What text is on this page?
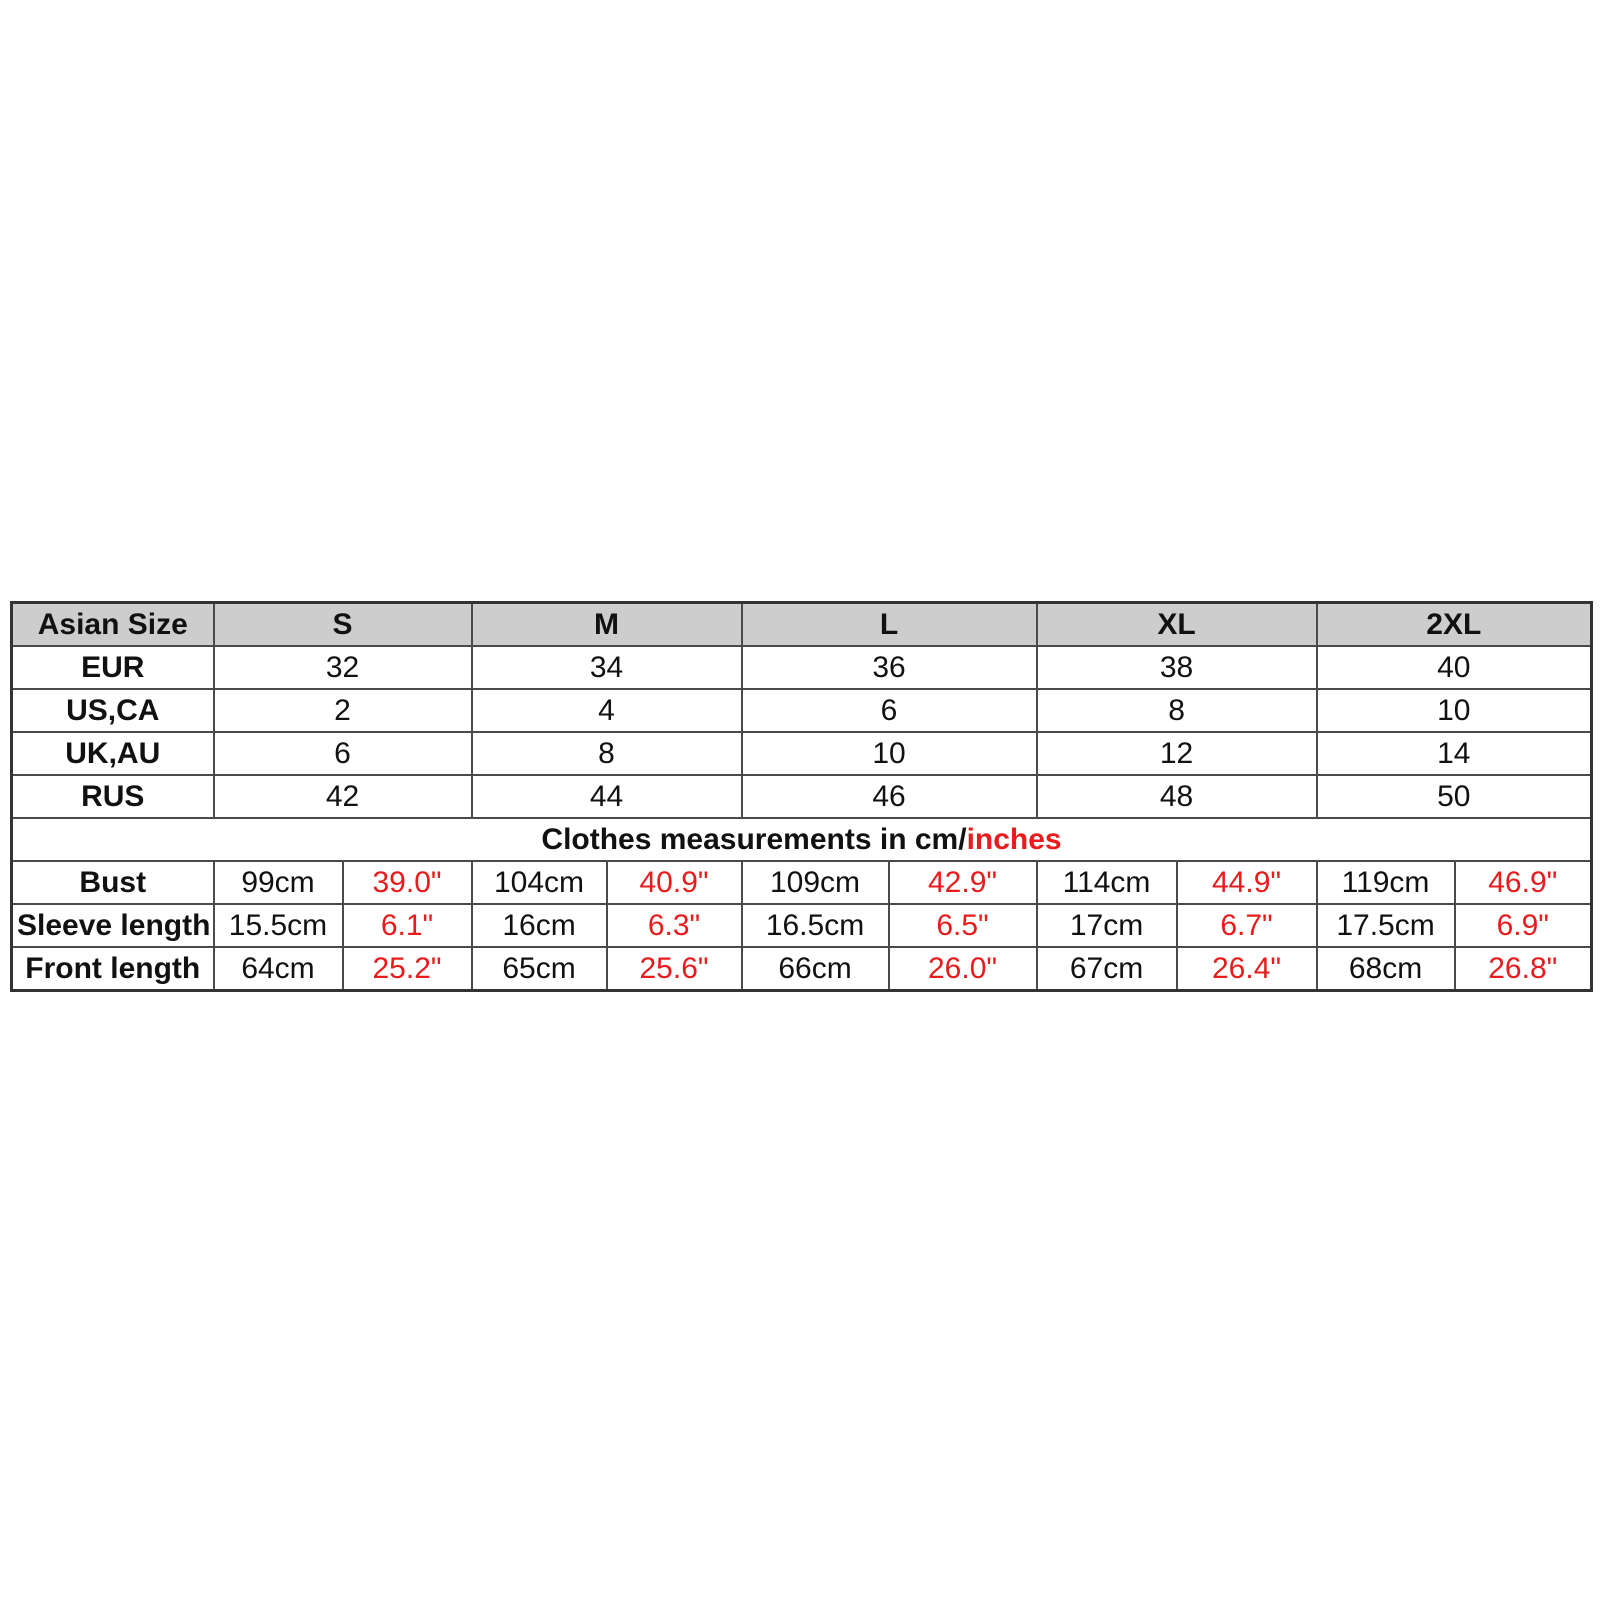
Asian Size	S		M		L		XL		2XL	
EUR	32		34		36		38		40	
US,CA	2		4		6		8		10	
UK,AU	6		8		10		12		14	
RUS	42		44		46		48		50	
Clothes measurements in cm/inches										
Bust	99cm	39.0"	104cm	40.9"	109cm	42.9"	114cm	44.9"	119cm	46.9"
Sleeve length	15.5cm	6.1"	16cm	6.3"	16.5cm	6.5"	17cm	6.7"	17.5cm	6.9"
Front length	64cm	25.2"	65cm	25.6"	66cm	26.0"	67cm	26.4"	68cm	26.8"
